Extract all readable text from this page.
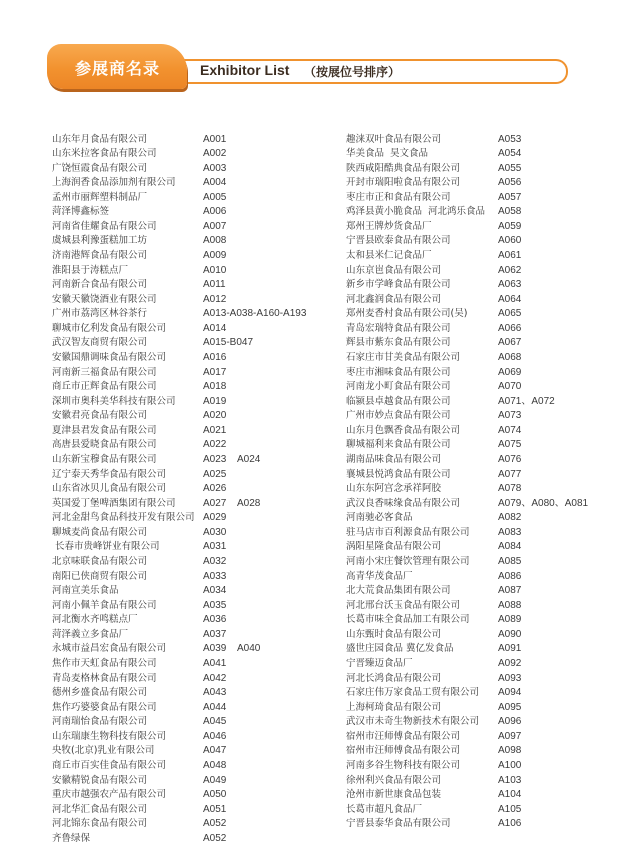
参展商名录	Exhibitor List （按展位号排序）
山东年月食品有限公司	A001
山东米拉客食品有限公司	A002
广饶恒霞食品有限公司	A003
上海润香食品添加剂有限公司	A004
孟州市丽辉塑料制品厂	A005
菏泽博鑫标签	A006
河南省佳耀食品有限公司	A007
虞城县利豫蛋糕加工坊	A008
济南港辉食品有限公司	A009
淮阳县于涛糕点厂	A010
河南新合食品有限公司	A011
安徽天徽饶酒业有限公司	A012
广州市荔湾区林谷茶行	A013-A038-A160-A193
聊城市亿利发食品有限公司	A014
武汉智友商贸有限公司	A015-B047
安徽国鼎调味食品有限公司	A016
河南新三福食品有限公司	A017
商丘市正辉食品有限公司	A018
深圳市奥科美华科技有限公司	A019
安徽君亮食品有限公司	A020
夏津县君发食品有限公司	A021
高唐县爱晓食品有限公司	A022
山东新宝穆食品有限公司	A023 A024
辽宁泰天秀华食品有限公司	A025
山东省冰贝儿食品有限公司	A026
英国爱丁堡啤酒集团有限公司	A027 A028
河北金甜鸟食品科技开发有限公司 A029
聊城麦尚食品有限公司	A030
长春市贵峰饼业有限公司	A031
北京味联食品有限公司	A032
南阳已侠商贸有限公司	A033
河南宣美乐食品	A034
河南小佩羊食品有限公司	A035
河北衡水齐鸣糕点厂	A036
菏泽義立多食品厂	A037
永城市益昌宏食品有限公司	A039 A040
焦作市天虹食品有限公司	A041
青岛麦格林食品有限公司	A042
德州乡盛食品有限公司	A043
焦作巧婆婆食品有限公司	A044
河南瑞怡食品有限公司	A045
山东瑞康生物科技有限公司	A046
央牧(北京)乳业有限公司	A047
商丘市百实佳食品有限公司	A048
安徽精锐食品有限公司	A049
重庆市越强农产品有限公司	A050
河北华汇食品有限公司	A051
河北锦东食品有限公司	A052
齐鲁绿保	A052
趣涞双叶食品有限公司	A053
华美食品  昊文食品	A054
陕西咸阳酷典食品有限公司	A055
开封市瑞阳啦食品有限公司	A056
枣庄市正和食品有限公司	A057
鸡泽县黄小脆食品  河北鸿乐食品 A058
郑州王牌炒货食品厂	A059
宁晋县欧泰食品有限公司	A060
太和县米仁记食品厂	A061
山东京岜食品有限公司	A062
新乡市学峰食品有限公司	A063
河北鑫润食品有限公司	A064
郑州麦香村食品有限公司(吴)	A065
青岛宏瑞特食品有限公司	A066
辉县市紫东食品有限公司	A067
石家庄市甘美食品有限公司	A068
枣庄市湘味食品有限公司	A069
河南龙小町食品有限公司	A070
临颍县卓越食品有限公司	A071、A072
广州市妙点食品有限公司	A073
山东月色飘香食品有限公司	A074
聊城福利来食品有限公司	A075
湖南品味食品有限公司	A076
襄城县悦鸿食品有限公司	A077
山东东阿宫念承祥阿胶	A078
武汉良香味缘食品有限公司	A079、A080、A081
河南驰必客食品	A082
驻马店市百利源食品有限公司	A083
涡阳星隆食品有限公司	A084
河南小宋庄餐饮管理有限公司	A085
高青华茂食品厂	A086
北大荒食品集团有限公司	A087
河北邢台沃玉食品有限公司	A088
长葛市味全食品加工有限公司	A089
山东甄时食品有限公司	A090
盛世庄园食品 冀亿发食品	A091
宁晋臻迈食品厂	A092
河北长鸿食品有限公司	A093
石家庄伟万家食品工贸有限公司 A094
上海柯琦食品有限公司	A095
武汉市未奇生物新技术有限公司 A096
宿州市汪师傅食品有限公司	A097
宿州市汪师傅食品有限公司	A098
河南多谷生物科技有限公司	A100
徐州利兴食品有限公司	A103
沧州市新世康食品包装	A104
长葛市超凡食品厂	A105
宁晋县泰华食品有限公司	A106
